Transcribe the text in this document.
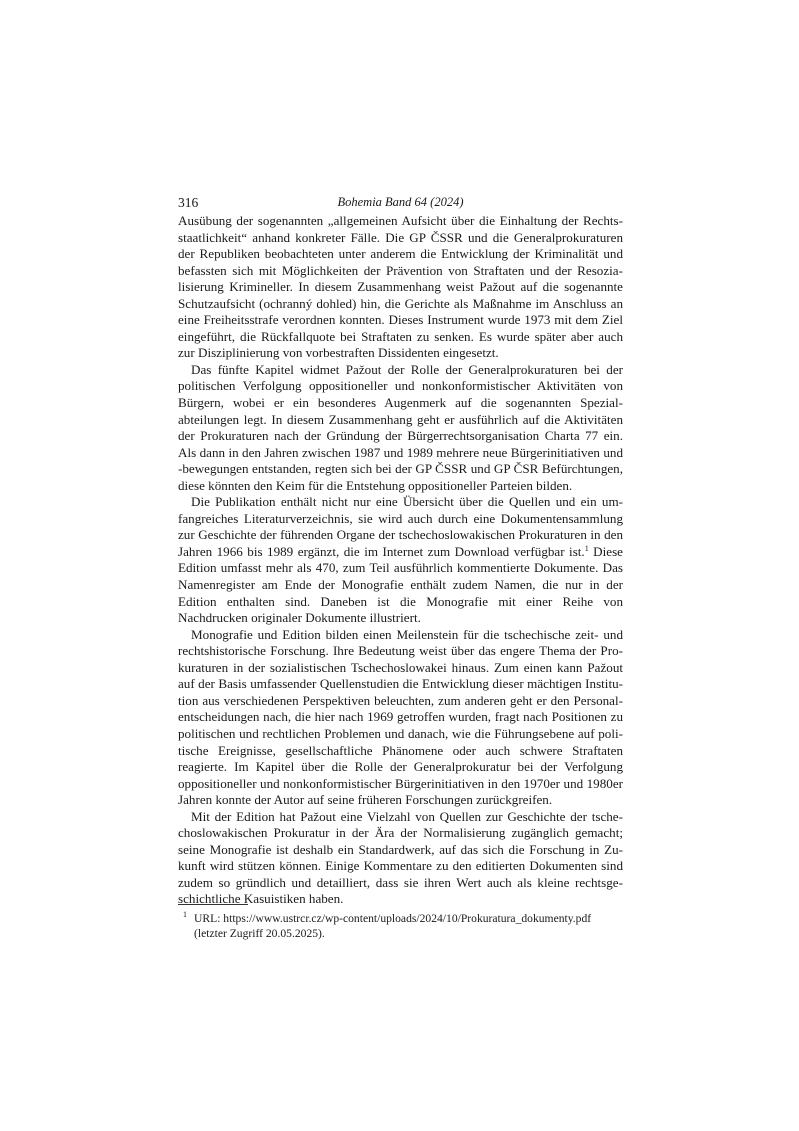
316	Bohemia Band 64 (2024)

Ausübung der sogenannten „allgemeinen Aufsicht über die Einhaltung der Rechtsstaatlichkeit“ anhand konkreter Fälle. Die GP ČSSR und die Generalprokuraturen der Republiken beobachteten unter anderem die Entwicklung der Kriminalität und befassten sich mit Möglichkeiten der Prävention von Straftaten und der Resozialisierung Krimineller. In diesem Zusammenhang weist Pažout auf die sogenannte Schutzaufsicht (ochranný dohled) hin, die Gerichte als Maßnahme im Anschluss an eine Freiheitsstrafe verordnen konnten. Dieses Instrument wurde 1973 mit dem Ziel eingeführt, die Rückfallquote bei Straftaten zu senken. Es wurde später aber auch zur Disziplinierung von vorbestraften Dissidenten eingesetzt.

Das fünfte Kapitel widmet Pažout der Rolle der Generalprokuraturen bei der politischen Verfolgung oppositioneller und nonkonformistischer Aktivitäten von Bürgern, wobei er ein besonderes Augenmerk auf die sogenannten Spezialabteilungen legt. In diesem Zusammenhang geht er ausführlich auf die Aktivitäten der Prokuraturen nach der Gründung der Bürgerrechtsorganisation Charta 77 ein. Als dann in den Jahren zwischen 1987 und 1989 mehrere neue Bürgerinitiativen und -bewegungen entstanden, regten sich bei der GP ČSSR und GP ČSR Befürchtungen, diese könnten den Keim für die Entstehung oppositioneller Parteien bilden.

Die Publikation enthält nicht nur eine Übersicht über die Quellen und ein umfangreiches Literaturverzeichnis, sie wird auch durch eine Dokumentensammlung zur Geschichte der führenden Organe der tschechoslowakischen Prokuraturen in den Jahren 1966 bis 1989 ergänzt, die im Internet zum Download verfügbar ist.$^1$ Diese Edition umfasst mehr als 470, zum Teil ausführlich kommentierte Dokumente. Das Namenregister am Ende der Monografie enthält zudem Namen, die nur in der Edition enthalten sind. Daneben ist die Monografie mit einer Reihe von Nachdrucken originaler Dokumente illustriert.

Monografie und Edition bilden einen Meilenstein für die tschechische zeit- und rechtshistorische Forschung. Ihre Bedeutung weist über das engere Thema der Prokuraturen in der sozialistischen Tschechoslowakei hinaus. Zum einen kann Pažout auf der Basis umfassender Quellenstudien die Entwicklung dieser mächtigen Institution aus verschiedenen Perspektiven beleuchten, zum anderen geht er den Personalentscheidungen nach, die hier nach 1969 getroffen wurden, fragt nach Positionen zu politischen und rechtlichen Problemen und danach, wie die Führungsebene auf politische Ereignisse, gesellschaftliche Phänomene oder auch schwere Straftaten reagierte. Im Kapitel über die Rolle der Generalprokuratur bei der Verfolgung oppositioneller und nonkonformistischer Bürgerinitiativen in den 1970er und 1980er Jahren konnte der Autor auf seine früheren Forschungen zurückgreifen.

Mit der Edition hat Pažout eine Vielzahl von Quellen zur Geschichte der tschechoslowakischen Prokuratur in der Ära der Normalisierung zugänglich gemacht; seine Monografie ist deshalb ein Standardwerk, auf das sich die Forschung in Zukunft wird stützen können. Einige Kommentare zu den editierten Dokumenten sind zudem so gründlich und detailliert, dass sie ihren Wert auch als kleine rechtsgeschichtliche Kasuistiken haben.

$^1$ URL: https://www.ustrcr.cz/wp-content/uploads/2024/10/Prokuratura_dokumenty.pdf (letzter Zugriff 20.05.2025).
